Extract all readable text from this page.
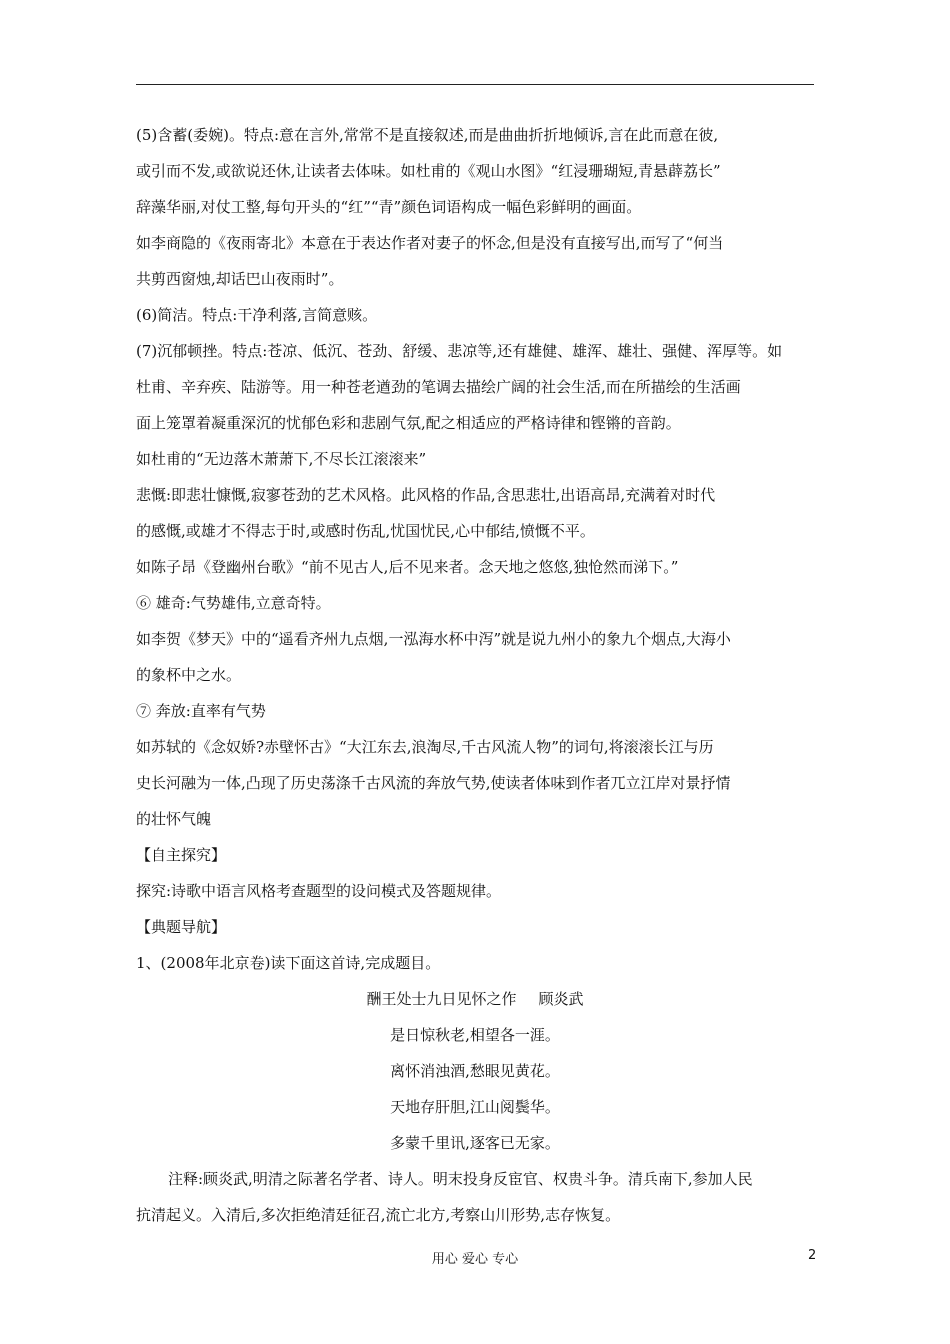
(5)含蓄(委婉)。特点:意在言外,常常不是直接叙述,而是曲曲折折地倾诉,言在此而意在彼,
或引而不发,或欲说还休,让读者去体味。如杜甫的《观山水图》“红浸珊瑚短,青悬薜荔长”
辞藻华丽,对仗工整,每句开头的“红”“青”颜色词语构成一幅色彩鲜明的画面。
如李商隐的《夜雨寄北》本意在于表达作者对妻子的怀念,但是没有直接写出,而写了“何当
共剪西窗烛,却话巴山夜雨时”。
(6)简洁。特点:干净利落,言简意赅。
(7)沉郁顿挫。特点:苍凉、低沉、苍劲、舒缓、悲凉等,还有雄健、雄浑、雄壮、强健、浑厚等。如
杜甫、辛弃疾、陆游等。用一种苍老遒劲的笔调去描绘广阔的社会生活,而在所描绘的生活画
面上笼罩着凝重深沉的忧郁色彩和悲剧气氛,配之相适应的严格诗律和铿锵的音韵。
如杜甫的“无边落木萧萧下,不尽长江滚滚来”
悲慨:即悲壮慷慨,寂寥苍劲的艺术风格。此风格的作品,含思悲壮,出语高昂,充满着对时代
的感慨,或雄才不得志于时,或感时伤乱,忧国忧民,心中郁结,愤慨不平。
如陈子昂《登幽州台歌》“前不见古人,后不见来者。念天地之悠悠,独怆然而涕下。”
⑥ 雄奇:气势雄伟,立意奇特。
如李贺《梦天》中的“遥看齐州九点烟,一泓海水杯中泻”就是说九州小的象九个烟点,大海小
的象杯中之水。
⑦ 奔放:直率有气势
如苏轼的《念奴娇?赤壁怀古》“大江东去,浪淘尽,千古风流人物”的词句,将滚滚长江与历
史长河融为一体,凸现了历史荡涤千古风流的奔放气势,使读者体味到作者兀立江岸对景抒情
的壮怀气魄
【自主探究】
探究:诗歌中语言风格考查题型的设问模式及答题规律。
【典题导航】
1、(2008年北京卷)读下面这首诗,完成题目。
酬王处士九日见怀之作 顾炎武
是日惊秋老,相望各一涯。
离怀消浊酒,愁眼见黄花。
天地存肝胆,江山阅鬓华。
多蒙千里讯,逐客已无家。
注释:顾炎武,明清之际著名学者、诗人。明末投身反宦官、权贵斗争。清兵南下,参加人民
抗清起义。入清后,多次拒绝清廷征召,流亡北方,考察山川形势,志存恢复。
用心 爱心 专心	2
